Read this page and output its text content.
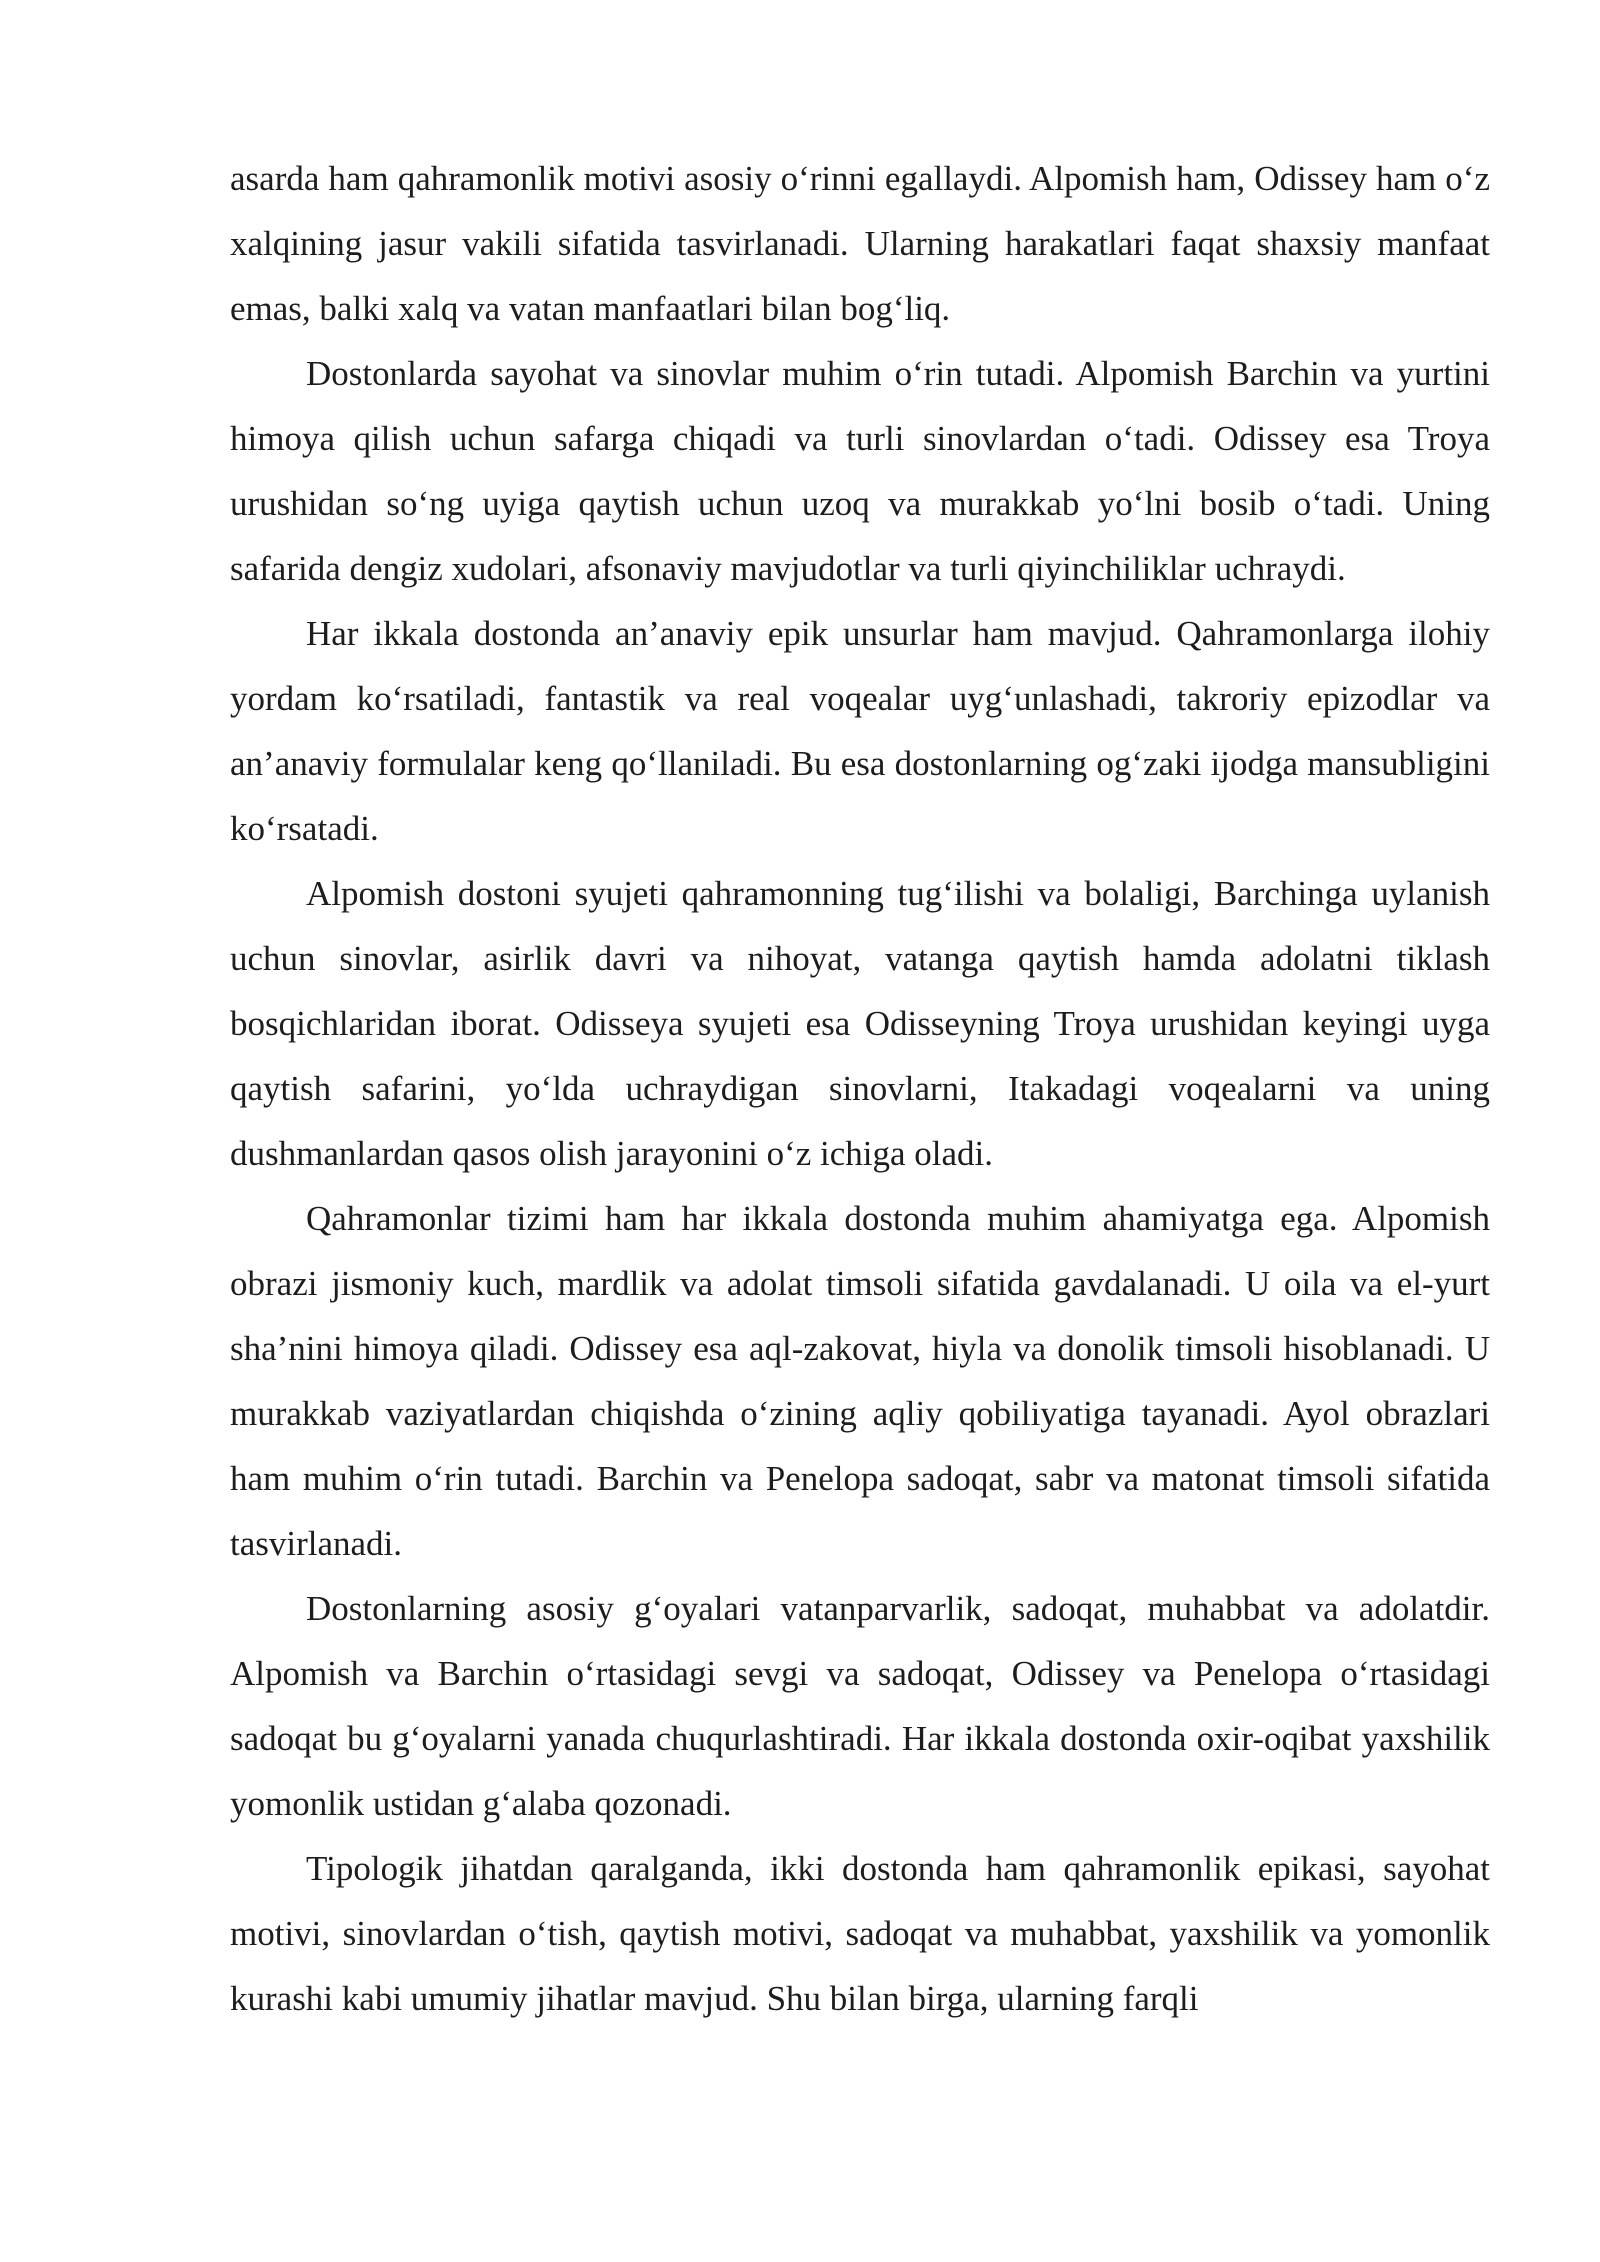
asarda ham qahramonlik motivi asosiy o‘rinni egallaydi. Alpomish ham, Odissey ham o‘z xalqining jasur vakili sifatida tasvirlanadi. Ularning harakatlari faqat shaxsiy manfaat emas, balki xalq va vatan manfaatlari bilan bog‘liq.

Dostonlarda sayohat va sinovlar muhim o‘rin tutadi. Alpomish Barchin va yurtini himoya qilish uchun safarga chiqadi va turli sinovlardan o‘tadi. Odissey esa Troya urushidan so‘ng uyiga qaytish uchun uzoq va murakkab yo‘lni bosib o‘tadi. Uning safarida dengiz xudolari, afsonaviy mavjudotlar va turli qiyinchiliklar uchraydi.

Har ikkala dostonda an’anaviy epik unsurlar ham mavjud. Qahramonlarga ilohiy yordam ko‘rsatiladi, fantastik va real voqealar uyg‘unlashadi, takroriy epizodlar va an’anaviy formulalar keng qo‘llaniladi. Bu esa dostonlarning og‘zaki ijodga mansubligini ko‘rsatadi.

Alpomish dostoni syujeti qahramonning tug‘ilishi va bolaligi, Barchinga uylanish uchun sinovlar, asirlik davri va nihoyat, vatanga qaytish hamda adolatni tiklash bosqichlaridan iborat. Odisseya syujeti esa Odisseyning Troya urushidan keyingi uyga qaytish safarini, yo‘lda uchraydigan sinovlarni, Itakadagi voqealarni va uning dushmanlardan qasos olish jarayonini o‘z ichiga oladi.

Qahramonlar tizimi ham har ikkala dostonda muhim ahamiyatga ega. Alpomish obrazi jismoniy kuch, mardlik va adolat timsoli sifatida gavdalanadi. U oila va el-yurt sha’nini himoya qiladi. Odissey esa aql-zakovat, hiyla va donolik timsoli hisoblanadi. U murakkab vaziyatlardan chiqishda o‘zining aqliy qobiliyatiga tayanadi. Ayol obrazlari ham muhim o‘rin tutadi. Barchin va Penelopa sadoqat, sabr va matonat timsoli sifatida tasvirlanadi.

Dostonlarning asosiy g‘oyalari vatanparvarlik, sadoqat, muhabbat va adolatdir. Alpomish va Barchin o‘rtasidagi sevgi va sadoqat, Odissey va Penelopa o‘rtasidagi sadoqat bu g‘oyalarni yanada chuqurlashtiradi. Har ikkala dostonda oxir-oqibat yaxshilik yomonlik ustidan g‘alaba qozonadi.

Tipologik jihatdan qaralganda, ikki dostonda ham qahramonlik epikasi, sayohat motivi, sinovlardan o‘tish, qaytish motivi, sadoqat va muhabbat, yaxshilik va yomonlik kurashi kabi umumiy jihatlar mavjud. Shu bilan birga, ularning farqli
